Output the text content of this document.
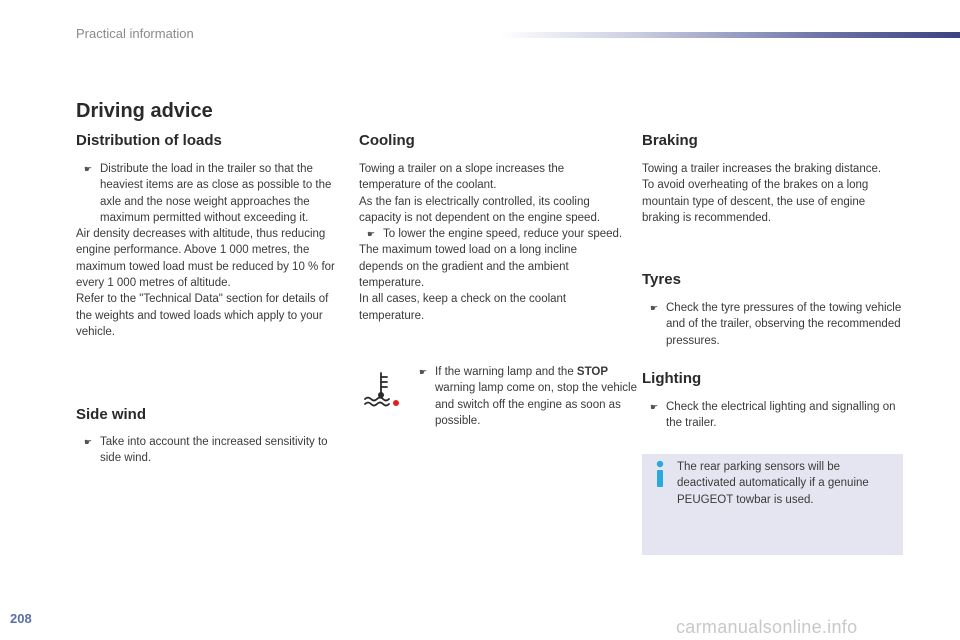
Practical information
Driving advice
Distribution of loads

☛ Distribute the load in the trailer so that the heaviest items are as close as possible to the axle and the nose weight approaches the maximum permitted without exceeding it.

Air density decreases with altitude, thus reducing engine performance. Above 1 000 metres, the maximum towed load must be reduced by 10 % for every 1 000 metres of altitude.

Refer to the "Technical Data" section for details of the weights and towed loads which apply to your vehicle.

Side wind

☛ Take into account the increased sensitivity to side wind.

Cooling

Towing a trailer on a slope increases the temperature of the coolant.

As the fan is electrically controlled, its cooling capacity is not dependent on the engine speed.

☛ To lower the engine speed, reduce your speed.

The maximum towed load on a long incline depends on the gradient and the ambient temperature.

In all cases, keep a check on the coolant temperature.

☛ If the warning lamp and the STOP warning lamp come on, stop the vehicle and switch off the engine as soon as possible.

Braking

Towing a trailer increases the braking distance.

To avoid overheating of the brakes on a long mountain type of descent, the use of engine braking is recommended.

Tyres

☛ Check the tyre pressures of the towing vehicle and of the trailer, observing the recommended pressures.

Lighting

☛ Check the electrical lighting and signalling on the trailer.

The rear parking sensors will be deactivated automatically if a genuine PEUGEOT towbar is used.

208	carmanualsonline.info
